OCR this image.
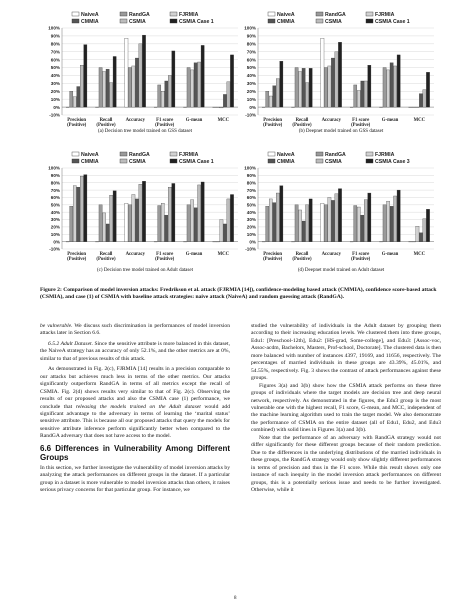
NaiveA	RandGA	FJRMIA
CMMIA	CSMIA	CSMIA Case 1
100%
90%
80%
70%
60%
50%
40%
30%
20%
10%
0%
-10%
Precision
(Positive)
Recall
(Positive)
Accuracy F1 score
(Positive)
G-mean	MCC
NaiveA	RandGA	FJRMIA
CMMIA	CSMIA	CSMIA Case 1
100%
90%
80%
70%
60%
50%
40%
30%
20%
10%
0%
-10%
Precision
(Positive)
Recall
(Positive)
Accuracy F1 score
(Positive)
G-mean	MCC
NaiveA	RandGA	FJRMIA
CMMIA	CSMIA	CSMIA Case 1
100%
90%
80%
70%
60%
50%
40%
30%
20%
10%
0%
-10%
Precision
(Positive)
Recall
(Positive)
Accuracy F1 score
(Positive)
G-mean	MCC
NaiveA	RandGA	FJRMIA
CMMIA	CSMIA	CSMIA Case 3
100%
90%
80%
70%
60%
50%
40%
30%
20%
10%
0%
-10%
Precision
(Positive)
Recall
(Positive)
Accuracy F1 score
(Positive)
G-mean	MCC
(a) Decision tree model trained on GSS dataset	(b) Deepnet model trained on GSS dataset
(c) Decision tree model trained on Adult dataset	(d) Deepnet model trained on Adult dataset
Figure 2: Comparison of model inversion attacks: Fredrikson et al. attack (FJRMIA [14]), confidence-modeling based attack (CMMIA), confidence score-based attack (CSMIA), and case (1) of CSMIA with baseline attack strategies: naive attack (NaiveA) and random guessing attack (RandGA).

be vulnerable. We discuss such discrimination in performances of model inversion attacks later in Section 6.6.

6.5.2 Adult Dataset. Since the sensitive attribute is more balanced in this dataset, the NaiveA strategy has an accuracy of only 52.1%, and the other metrics are at 0%, similar to that of previous results of this attack.

As demonstrated in Fig. 2(c), FJRMIA [14] results in a precision comparable to our attacks but achieves much less in terms of the other metrics. Our attacks significantly outperform RandGA in terms of all metrics except the recall of CSMIA. Fig. 2(d) shows results very similar to that of Fig. 2(c). Observing the results of our proposed attacks and also the CSMIA case (1) performance, we conclude that releasing the models trained on the Adult dataset would add significant advantage to the adversary in terms of learning the ‘marital status’ sensitive attribute. This is because all our proposed attacks that query the models for sensitive attribute inference perform significantly better when compared to the RandGA adversary that does not have access to the model.

6.6 Differences in Vulnerability Among Different Groups

In this section, we further investigate the vulnerability of model inversion attacks by analyzing the attack performances on different groups in the dataset. If a particular group in a dataset is more vulnerable to model inversion attacks than others, it raises serious privacy concerns for that particular group. For instance, we

studied the vulnerability of individuals in the Adult dataset by grouping them according to their increasing education levels. We clustered them into three groups, Edu1: [Preschool-12th], Edu2: [HS-grad, Some-college], and Edu3: [Assoc-voc, Assoc-acdm, Bachelors, Masters, Prof-school, Doctorate]. The clustered data is then more balanced with number of instances 4397, 19169, and 11656, respectively. The percentages of married individuals in these groups are 43.39%, 45.01%, and 54.55%, respectively. Fig. 3 shows the contrast of attack performances against these groups.

Figures 3(a) and 3(b) show how the CSMIA attack performs on these three groups of individuals where the target models are decision tree and deep neural network, respectively. As demonstrated in the figures, the Edu3 group is the most vulnerable one with the highest recall, F1 score, G-mean, and MCC, independent of the machine learning algorithm used to train the target model. We also demonstrate the performance of CSMIA on the entire dataset (all of Edu1, Edu2, and Edu3 combined) with solid lines in Figures 3(a) and 3(b).

Note that the performance of an adversary with RandGA strategy would not differ significantly for these different groups because of their random prediction. Due to the differences in the underlying distributions of the married individuals in these groups, the RandGA strategy would only show slightly different performances in terms of precision and thus in the F1 score. While this result shows only one instance of such inequity in the model inversion attack performances on different groups, this is a potentially serious issue and needs to be further investigated. Otherwise, while it

8
